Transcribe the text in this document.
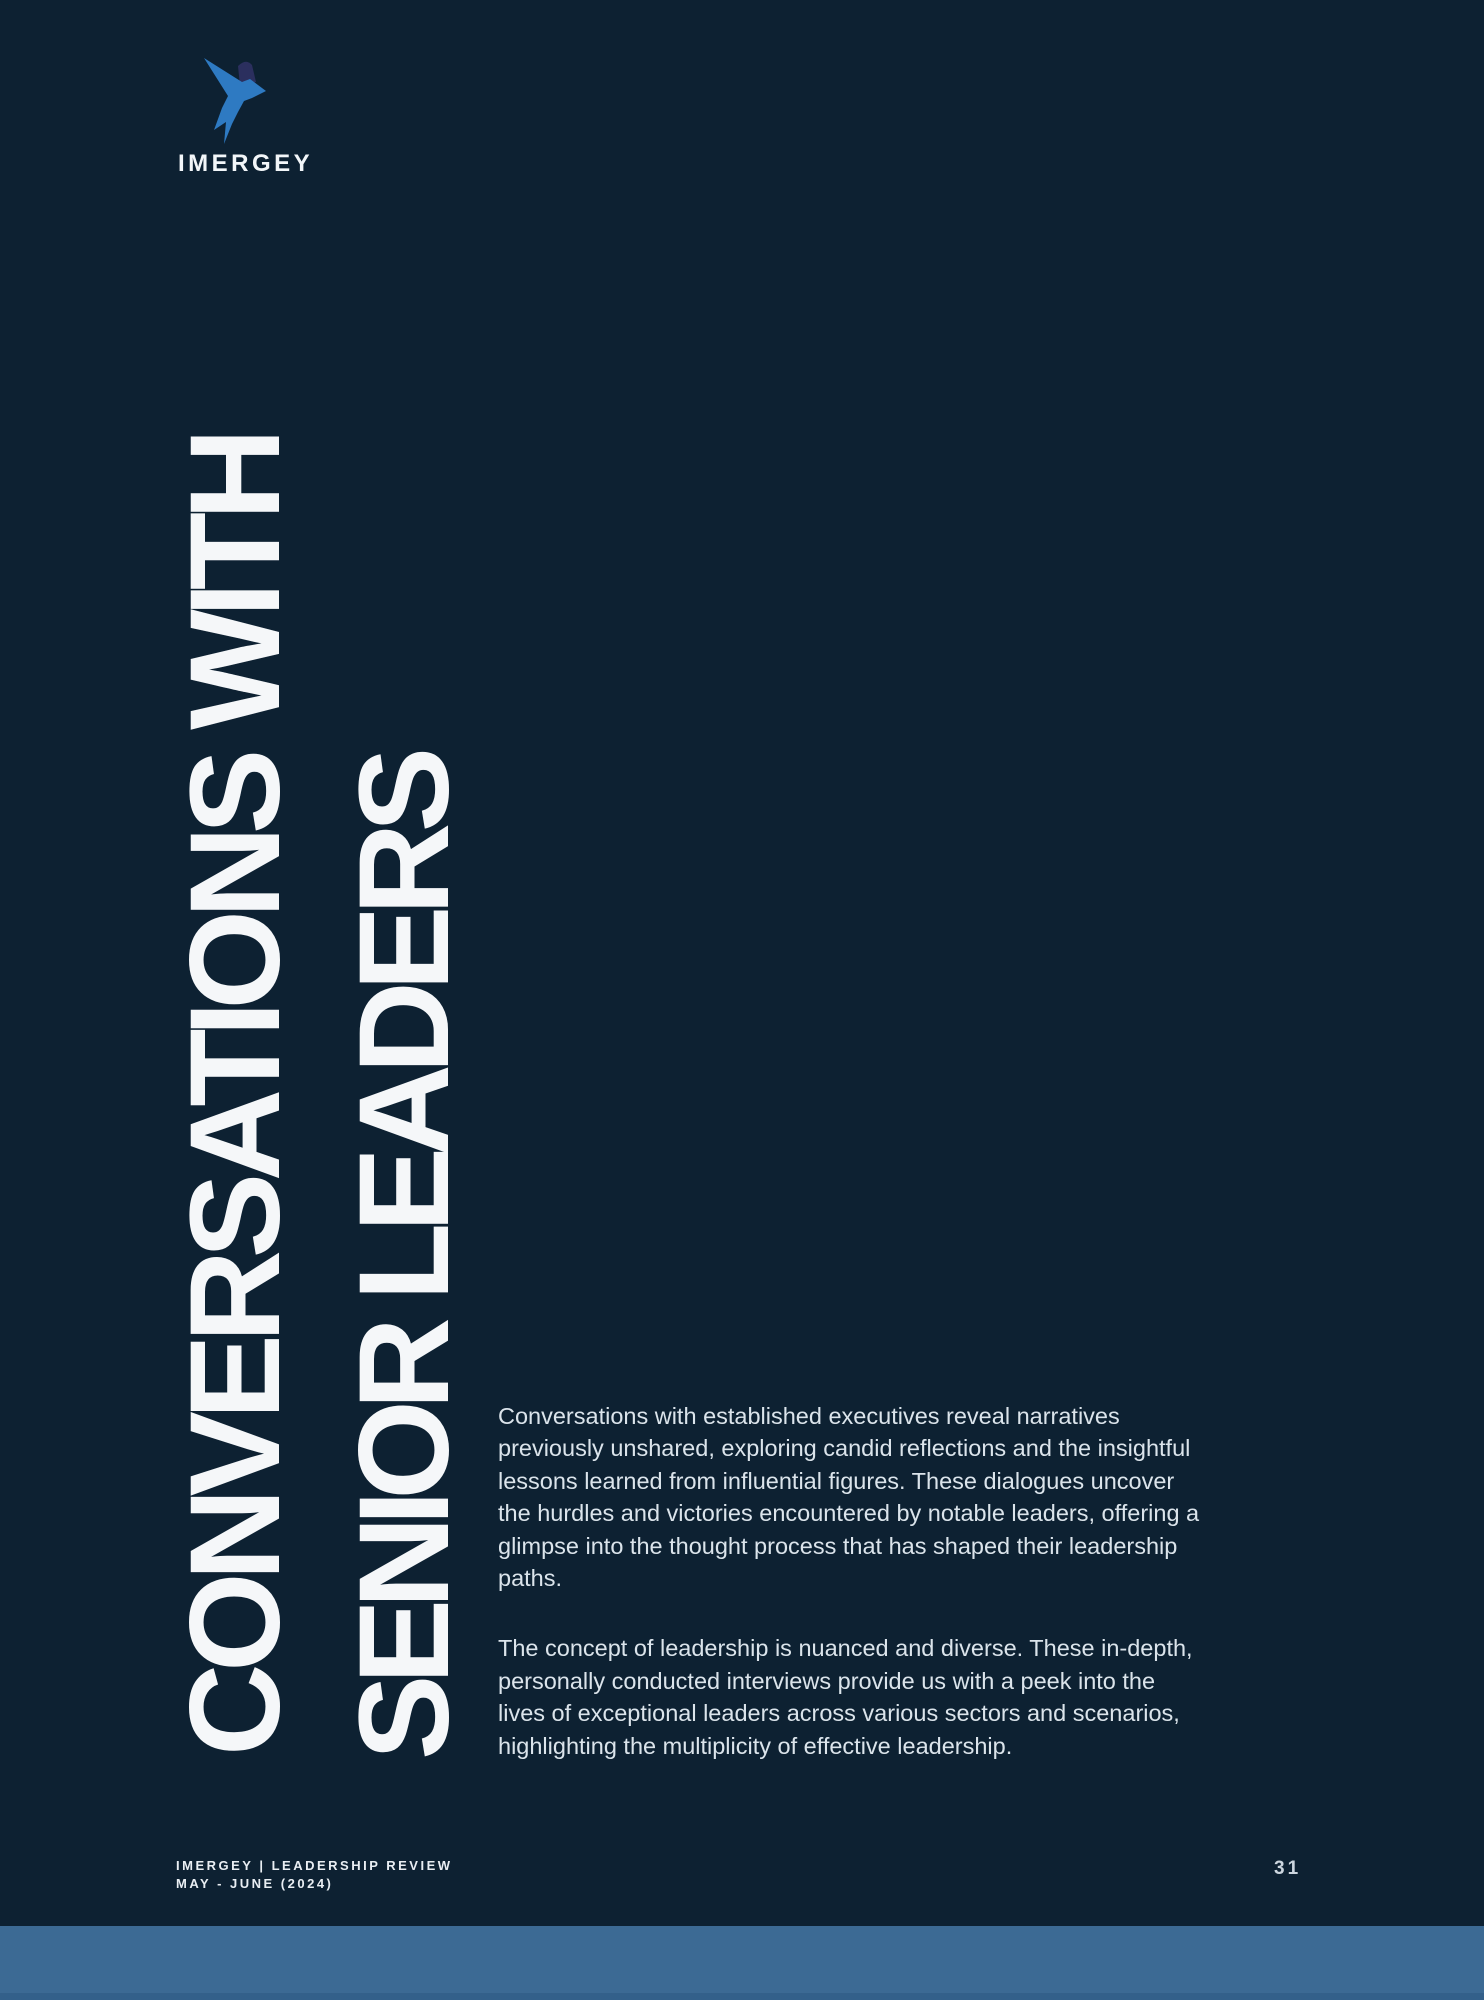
IMERGEY
CONVERSATIONS WITH SENIOR LEADERS Conversations with established executives reveal narratives previously unshared, exploring candid reflections and the insightful lessons learned from influential figures. These dialogues uncover the hurdles and victories encountered by notable leaders, offering a glimpse into the thought process that has shaped their leadership paths.

The concept of leadership is nuanced and diverse. These in-depth, personally conducted interviews provide us with a peek into the lives of exceptional leaders across various sectors and scenarios, highlighting the multiplicity of effective leadership.

IMERGEY | LEADERSHIP REVIEW
MAY - JUNE (2024)
31
